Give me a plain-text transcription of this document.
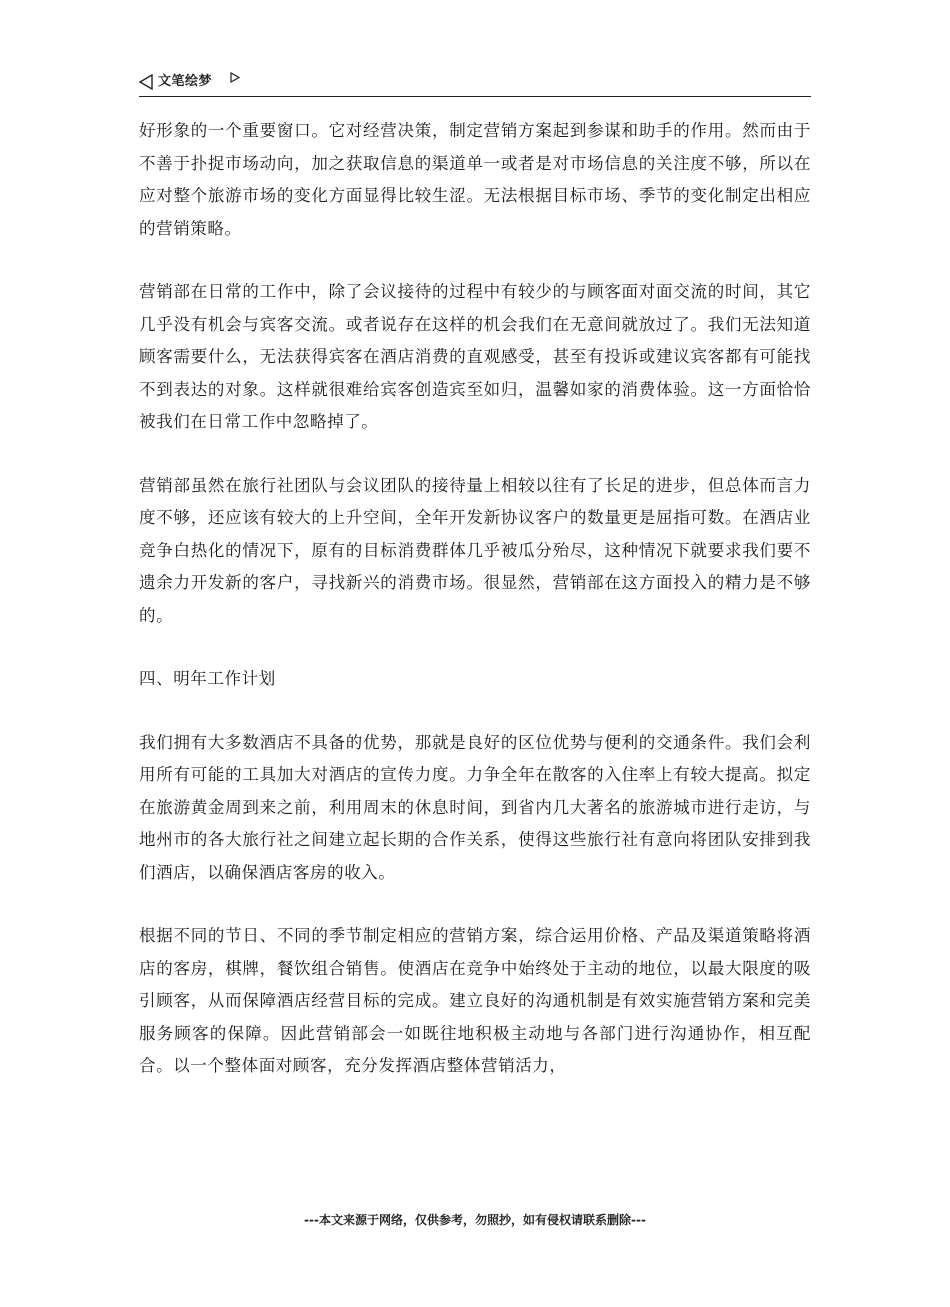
文笔绘梦

好形象的一个重要窗口。它对经营决策，制定营销方案起到参谋和助手的作用。然而由于不善于扑捉市场动向，加之获取信息的渠道单一或者是对市场信息的关注度不够，所以在应对整个旅游市场的变化方面显得比较生涩。无法根据目标市场、季节的变化制定出相应的营销策略。

营销部在日常的工作中，除了会议接待的过程中有较少的与顾客面对面交流的时间，其它几乎没有机会与宾客交流。或者说存在这样的机会我们在无意间就放过了。我们无法知道顾客需要什么，无法获得宾客在酒店消费的直观感受，甚至有投诉或建议宾客都有可能找不到表达的对象。这样就很难给宾客创造宾至如归，温馨如家的消费体验。这一方面恰恰被我们在日常工作中忽略掉了。

营销部虽然在旅行社团队与会议团队的接待量上相较以往有了长足的进步，但总体而言力度不够，还应该有较大的上升空间，全年开发新协议客户的数量更是屈指可数。在酒店业竞争白热化的情况下，原有的目标消费群体几乎被瓜分殆尽，这种情况下就要求我们要不遗余力开发新的客户，寻找新兴的消费市场。很显然，营销部在这方面投入的精力是不够的。

四、明年工作计划

我们拥有大多数酒店不具备的优势，那就是良好的区位优势与便利的交通条件。我们会利用所有可能的工具加大对酒店的宣传力度。力争全年在散客的入住率上有较大提高。拟定在旅游黄金周到来之前，利用周末的休息时间，到省内几大著名的旅游城市进行走访，与地州市的各大旅行社之间建立起长期的合作关系，使得这些旅行社有意向将团队安排到我们酒店，以确保酒店客房的收入。

根据不同的节日、不同的季节制定相应的营销方案，综合运用价格、产品及渠道策略将酒店的客房，棋牌，餐饮组合销售。使酒店在竞争中始终处于主动的地位，以最大限度的吸引顾客，从而保障酒店经营目标的完成。建立良好的沟通机制是有效实施营销方案和完美服务顾客的保障。因此营销部会一如既往地积极主动地与各部门进行沟通协作，相互配合。以一个整体面对顾客，充分发挥酒店整体营销活力，

---本文来源于网络，仅供参考，勿照抄，如有侵权请联系删除---
